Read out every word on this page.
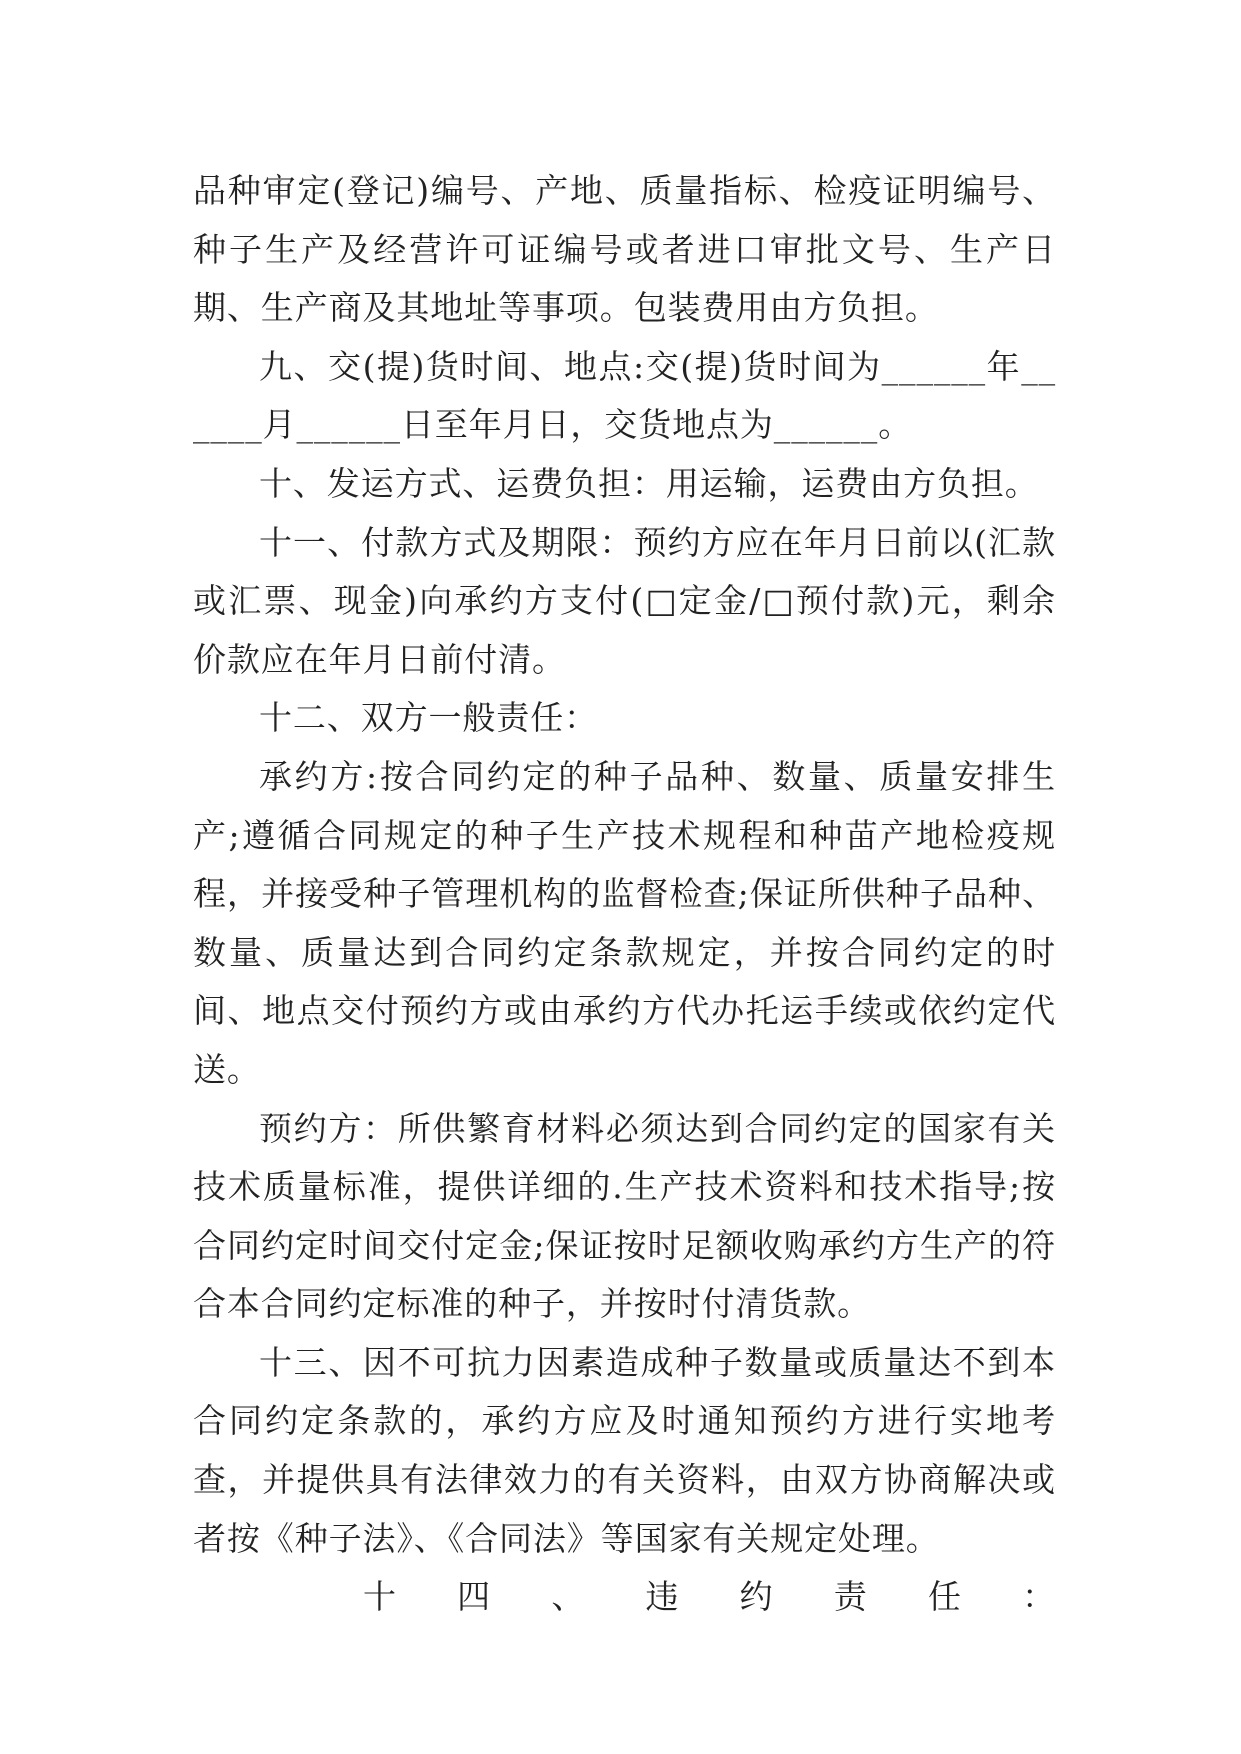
品种审定(登记)编号、产地、质量指标、检疫证明编号、种子生产及经营许可证编号或者进口审批文号、生产日期、生产商及其地址等事项。包装费用由方负担。

九、交(提)货时间、地点:交(提)货时间为______年______月______日至年月日，交货地点为______。

十、发运方式、运费负担：用运输，运费由方负担。

十一、付款方式及期限：预约方应在年月日前以(汇款或汇票、现金)向承约方支付(□定金/□预付款)元，剩余价款应在年月日前付清。

十二、双方一般责任：

承约方:按合同约定的种子品种、数量、质量安排生产;遵循合同规定的种子生产技术规程和种苗产地检疫规程，并接受种子管理机构的监督检查;保证所供种子品种、数量、质量达到合同约定条款规定，并按合同约定的时间、地点交付预约方或由承约方代办托运手续或依约定代送。

预约方：所供繁育材料必须达到合同约定的国家有关技术质量标准，提供详细的.生产技术资料和技术指导;按合同约定时间交付定金;保证按时足额收购承约方生产的符合本合同约定标准的种子，并按时付清货款。

十三、因不可抗力因素造成种子数量或质量达不到本合同约定条款的，承约方应及时通知预约方进行实地考查，并提供具有法律效力的有关资料，由双方协商解决或者按《种子法》、《合同法》等国家有关规定处理。

十四、违约责任：
